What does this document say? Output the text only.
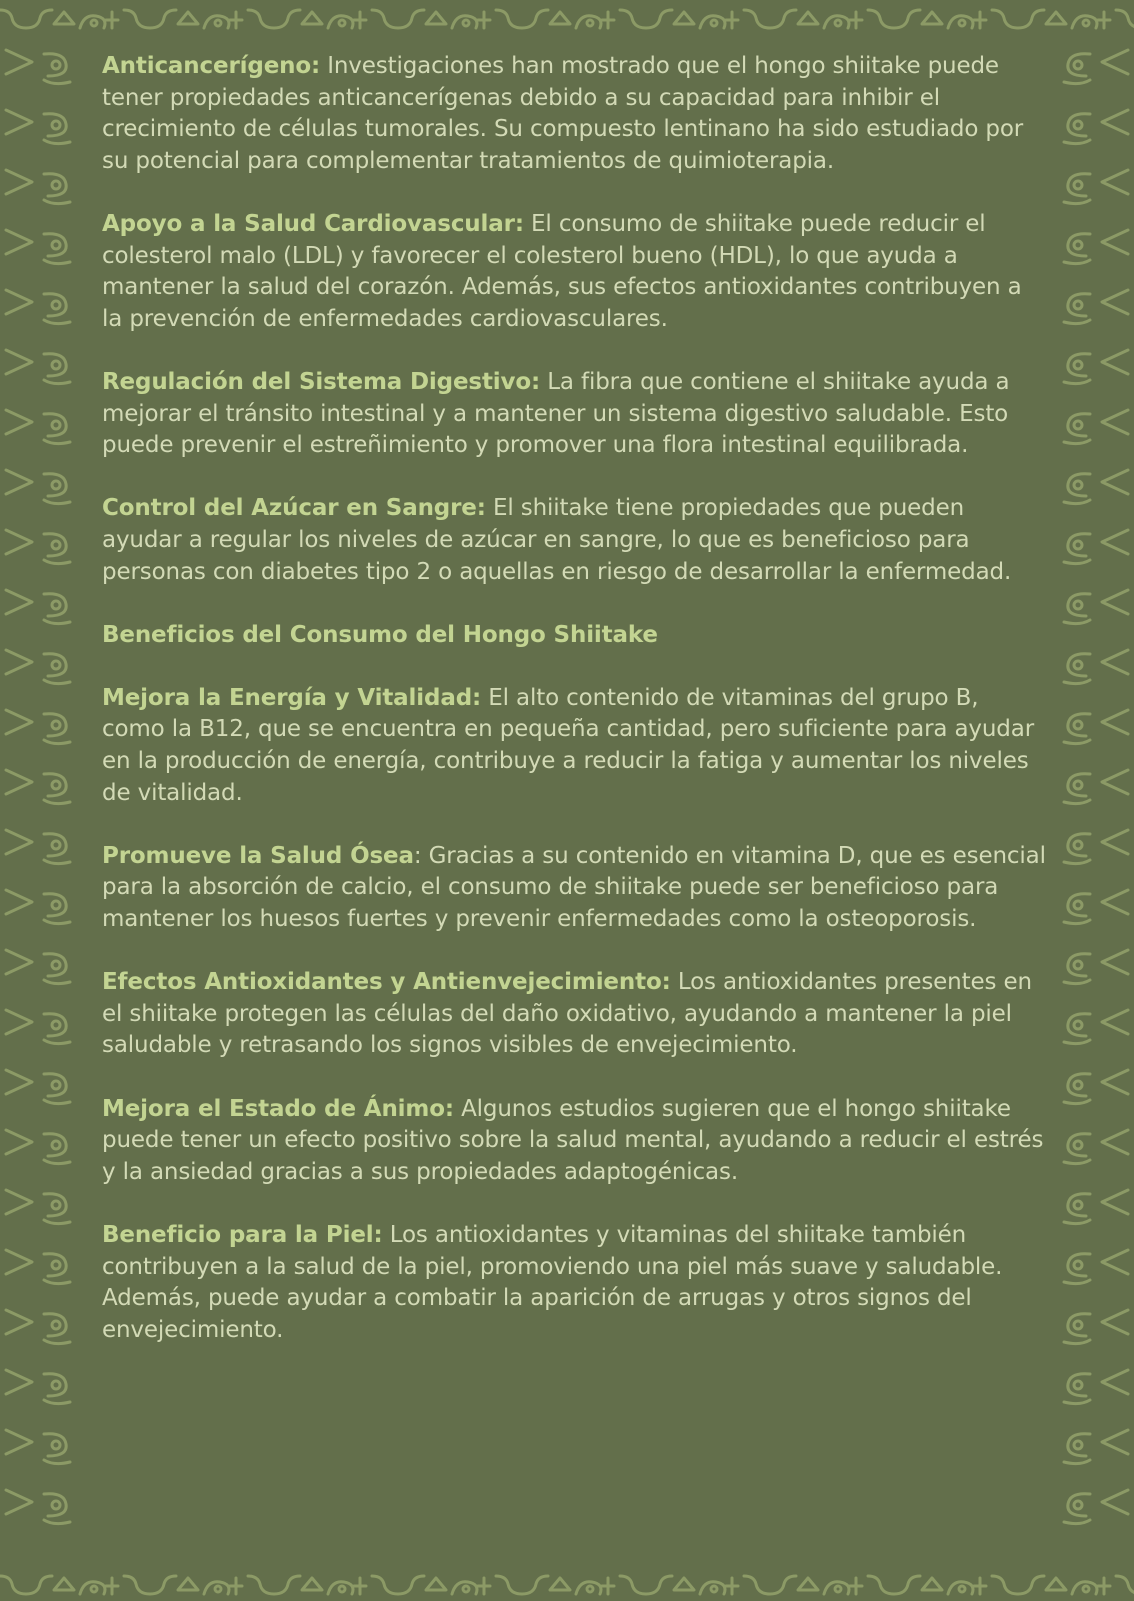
Anticancerígeno: Investigaciones han mostrado que el hongo shiitake puede tener propiedades anticancerígenas debido a su capacidad para inhibir el crecimiento de células tumorales. Su compuesto lentinano ha sido estudiado por su potencial para complementar tratamientos de quimioterapia.

Apoyo a la Salud Cardiovascular: El consumo de shiitake puede reducir el colesterol malo (LDL) y favorecer el colesterol bueno (HDL), lo que ayuda a mantener la salud del corazón. Además, sus efectos antioxidantes contribuyen a la prevención de enfermedades cardiovasculares.

Regulación del Sistema Digestivo: La fibra que contiene el shiitake ayuda a mejorar el tránsito intestinal y a mantener un sistema digestivo saludable. Esto puede prevenir el estreñimiento y promover una flora intestinal equilibrada.

Control del Azúcar en Sangre: El shiitake tiene propiedades que pueden ayudar a regular los niveles de azúcar en sangre, lo que es beneficioso para personas con diabetes tipo 2 o aquellas en riesgo de desarrollar la enfermedad.

Beneficios del Consumo del Hongo Shiitake

Mejora la Energía y Vitalidad: El alto contenido de vitaminas del grupo B, como la B12, que se encuentra en pequeña cantidad, pero suficiente para ayudar en la producción de energía, contribuye a reducir la fatiga y aumentar los niveles de vitalidad.

Promueve la Salud Ósea: Gracias a su contenido en vitamina D, que es esencial para la absorción de calcio, el consumo de shiitake puede ser beneficioso para mantener los huesos fuertes y prevenir enfermedades como la osteoporosis.

Efectos Antioxidantes y Antienvejecimiento: Los antioxidantes presentes en el shiitake protegen las células del daño oxidativo, ayudando a mantener la piel saludable y retrasando los signos visibles de envejecimiento.

Mejora el Estado de Ánimo: Algunos estudios sugieren que el hongo shiitake puede tener un efecto positivo sobre la salud mental, ayudando a reducir el estrés y la ansiedad gracias a sus propiedades adaptogénicas.

Beneficio para la Piel: Los antioxidantes y vitaminas del shiitake también contribuyen a la salud de la piel, promoviendo una piel más suave y saludable. Además, puede ayudar a combatir la aparición de arrugas y otros signos del envejecimiento.
